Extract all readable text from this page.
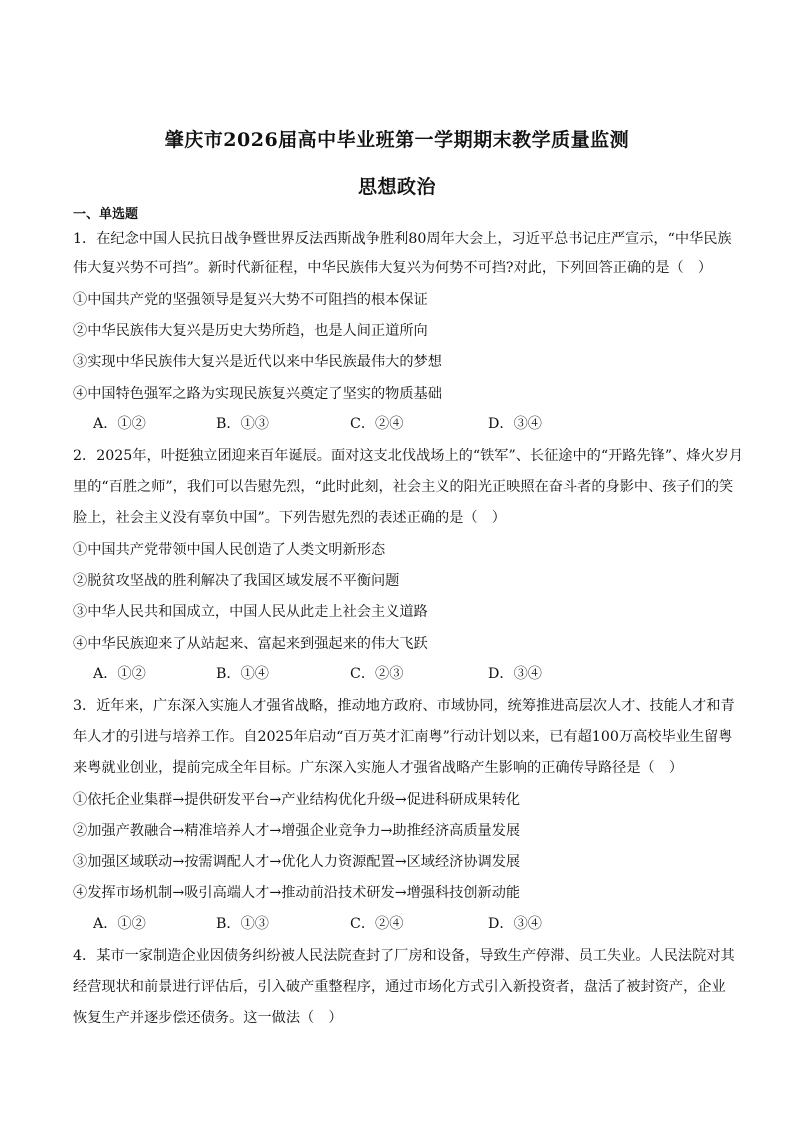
肇庆市2026届高中毕业班第一学期期末教学质量监测
思想政治
一、单选题
1．在纪念中国人民抗日战争暨世界反法西斯战争胜利80周年大会上，习近平总书记庄严宣示，“中华民族
伟大复兴势不可挡”。新时代新征程，中华民族伟大复兴为何势不可挡?对此，下列回答正确的是（　）
①中国共产党的坚强领导是复兴大势不可阻挡的根本保证
②中华民族伟大复兴是历史大势所趋，也是人间正道所向
③实现中华民族伟大复兴是近代以来中华民族最伟大的梦想
④中国特色强军之路为实现民族复兴奠定了坚实的物质基础
A．①②	B．①③	C．②④	D．③④
2．2025年，叶挺独立团迎来百年诞辰。面对这支北伐战场上的“铁军”、长征途中的“开路先锋”、烽火岁月
里的“百胜之师”，我们可以告慰先烈，“此时此刻，社会主义的阳光正映照在奋斗者的身影中、孩子们的笑
脸上，社会主义没有辜负中国”。下列告慰先烈的表述正确的是（　）
①中国共产党带领中国人民创造了人类文明新形态
②脱贫攻坚战的胜利解决了我国区域发展不平衡问题
③中华人民共和国成立，中国人民从此走上社会主义道路
④中华民族迎来了从站起来、富起来到强起来的伟大飞跃
A．①②	B．①④	C．②③	D．③④
3．近年来，广东深入实施人才强省战略，推动地方政府、市域协同，统筹推进高层次人才、技能人才和青
年人才的引进与培养工作。自2025年启动“百万英才汇南粤”行动计划以来，已有超100万高校毕业生留粤
来粤就业创业，提前完成全年目标。广东深入实施人才强省战略产生影响的正确传导路径是（　）
①依托企业集群→提供研发平台→产业结构优化升级→促进科研成果转化
②加强产教融合→精准培养人才→增强企业竞争力→助推经济高质量发展
③加强区域联动→按需调配人才→优化人力资源配置→区域经济协调发展
④发挥市场机制→吸引高端人才→推动前沿技术研发→增强科技创新动能
A．①②	B．①③	C．②④	D．③④
4．某市一家制造企业因债务纠纷被人民法院查封了厂房和设备，导致生产停滞、员工失业。人民法院对其
经营现状和前景进行评估后，引入破产重整程序，通过市场化方式引入新投资者，盘活了被封资产，企业
恢复生产并逐步偿还债务。这一做法（　）
